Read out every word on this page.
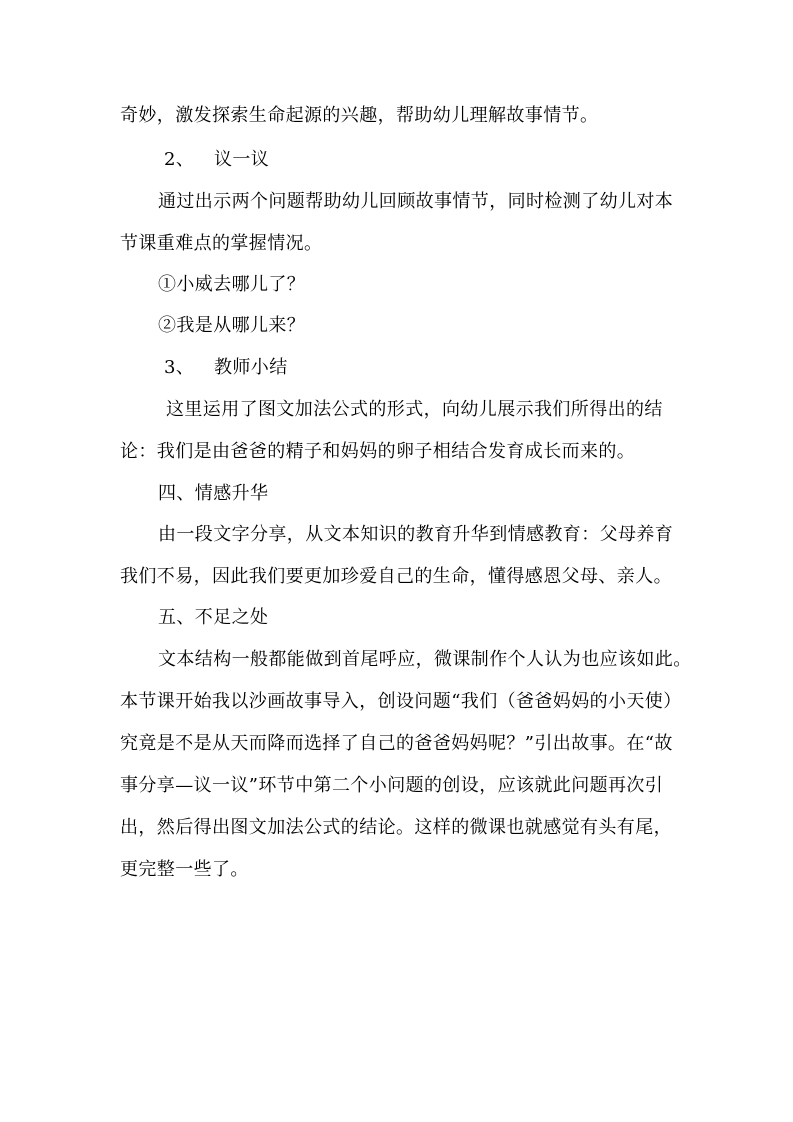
奇妙，激发探索生命起源的兴趣，帮助幼儿理解故事情节。
2、 议一议
通过出示两个问题帮助幼儿回顾故事情节，同时检测了幼儿对本
节课重难点的掌握情况。
①小威去哪儿了？
②我是从哪儿来？
3、 教师小结
这里运用了图文加法公式的形式，向幼儿展示我们所得出的结
论：我们是由爸爸的精子和妈妈的卵子相结合发育成长而来的。
四、情感升华
由一段文字分享，从文本知识的教育升华到情感教育：父母养育
我们不易，因此我们要更加珍爱自己的生命，懂得感恩父母、亲人。
五、不足之处
文本结构一般都能做到首尾呼应，微课制作个人认为也应该如此。
本节课开始我以沙画故事导入，创设问题“我们（爸爸妈妈的小天使）
究竟是不是从天而降而选择了自己的爸爸妈妈呢？”引出故事。在“故
事分享—议一议”环节中第二个小问题的创设，应该就此问题再次引
出，然后得出图文加法公式的结论。这样的微课也就感觉有头有尾，
更完整一些了。
